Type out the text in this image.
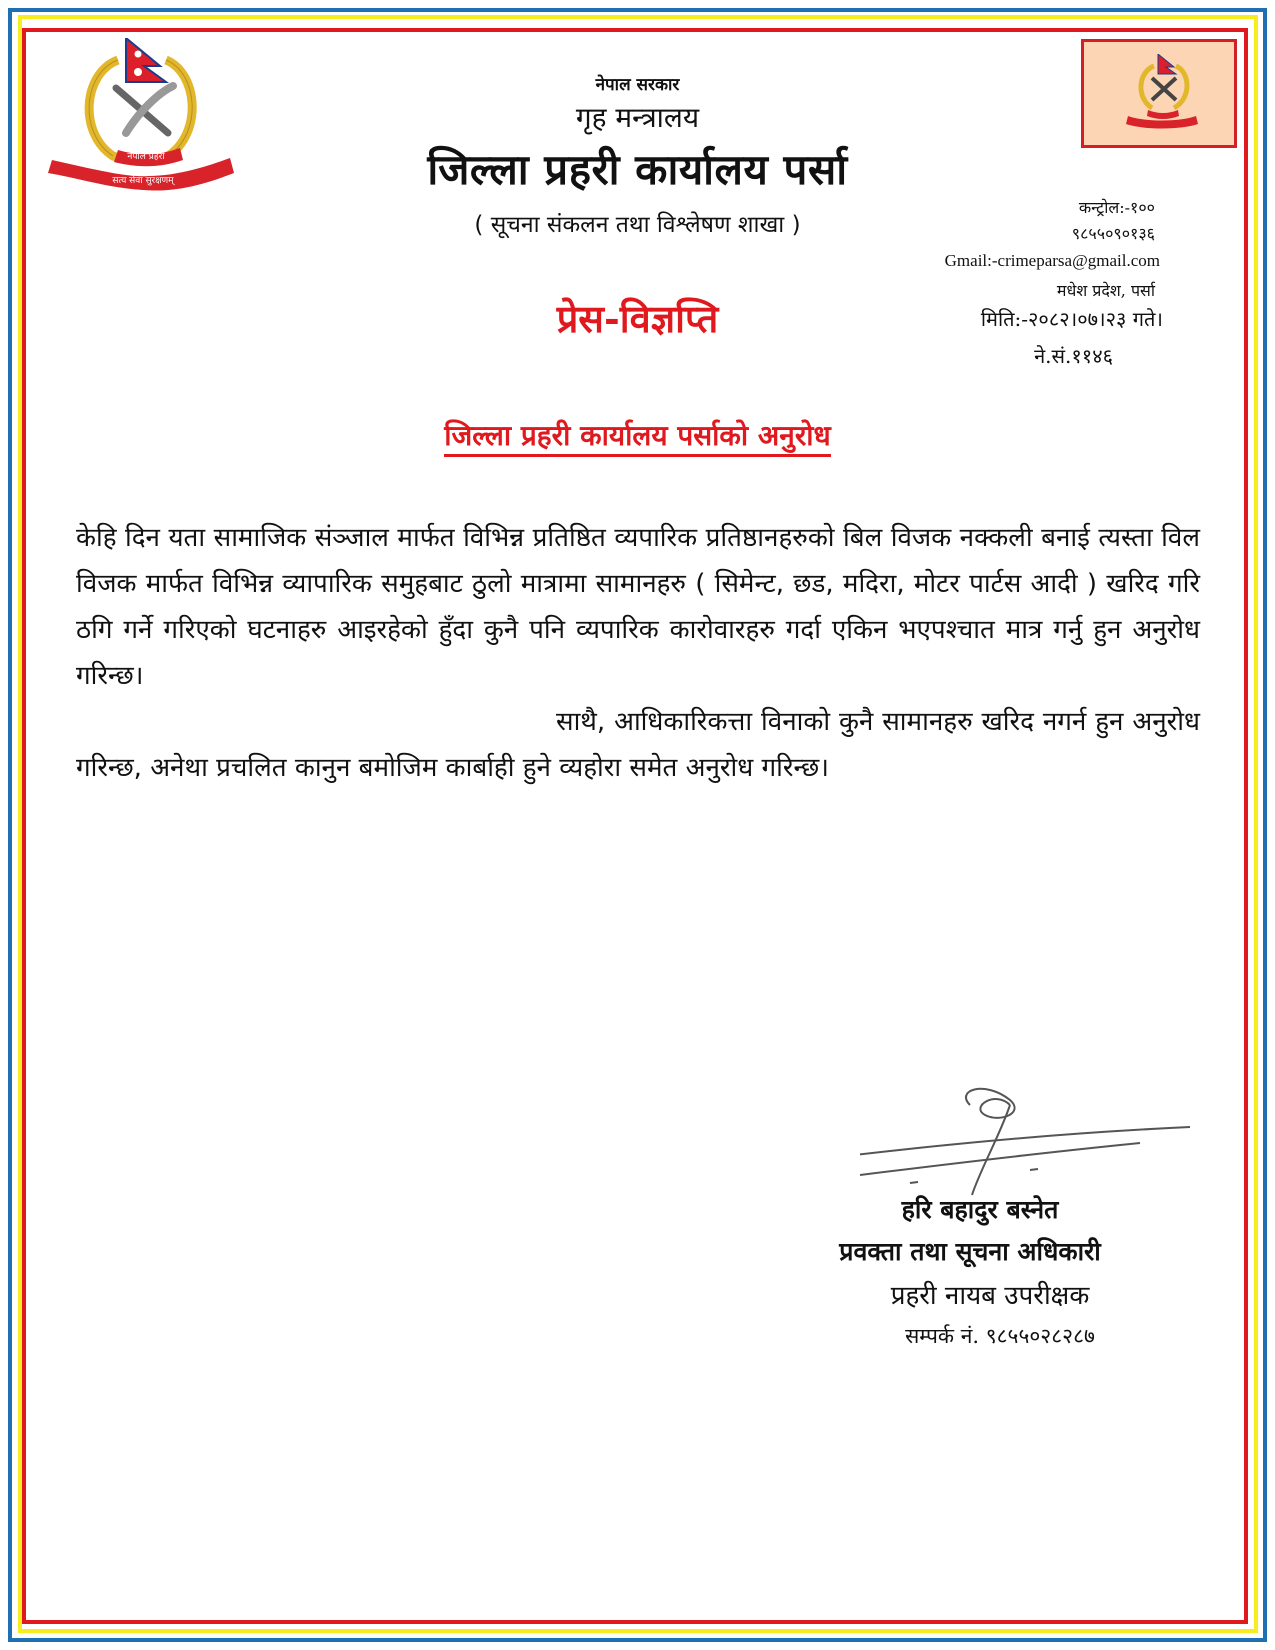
नेपाल प्रहरी
सत्य सेवा सुरक्षणम्
नेपाल सरकार
गृह मन्त्रालय
जिल्ला प्रहरी कार्यालय पर्सा
( सूचना संकलन तथा विश्लेषण शाखा )
कन्ट्रोल:-१००
९८५५०९०१३६
Gmail:-crimeparsa@gmail.com
मधेश प्रदेश, पर्सा
मिति:-२०८२।०७।२३ गते।
ने.सं.११४६
प्रेस-विज्ञप्ति
जिल्ला प्रहरी कार्यालय पर्साको अनुरोध

केहि दिन यता सामाजिक संञ्जाल मार्फत विभिन्न प्रतिष्ठित व्यपारिक प्रतिष्ठानहरुको बिल विजक नक्कली बनाई त्यस्ता विल विजक मार्फत विभिन्न व्यापारिक समुहबाट ठुलो मात्रामा सामानहरु ( सिमेन्ट, छड, मदिरा, मोटर पार्टस आदी ) खरिद गरि ठगि गर्ने गरिएको घटनाहरु आइरहेको हुँदा कुनै पनि व्यपारिक कारोवारहरु गर्दा एकिन भएपश्चात मात्र गर्नु हुन अनुरोध गरिन्छ।

साथै, आधिकारिकत्ता विनाको कुनै सामानहरु खरिद नगर्न हुन अनुरोध गरिन्छ, अनेथा प्रचलित कानुन बमोजिम कार्बाही हुने व्यहोरा समेत अनुरोध गरिन्छ।

हरि बहादुर बस्नेत
प्रवक्ता तथा सूचना अधिकारी
प्रहरी नायब उपरीक्षक
सम्पर्क नं. ९८५५०२८२८७
